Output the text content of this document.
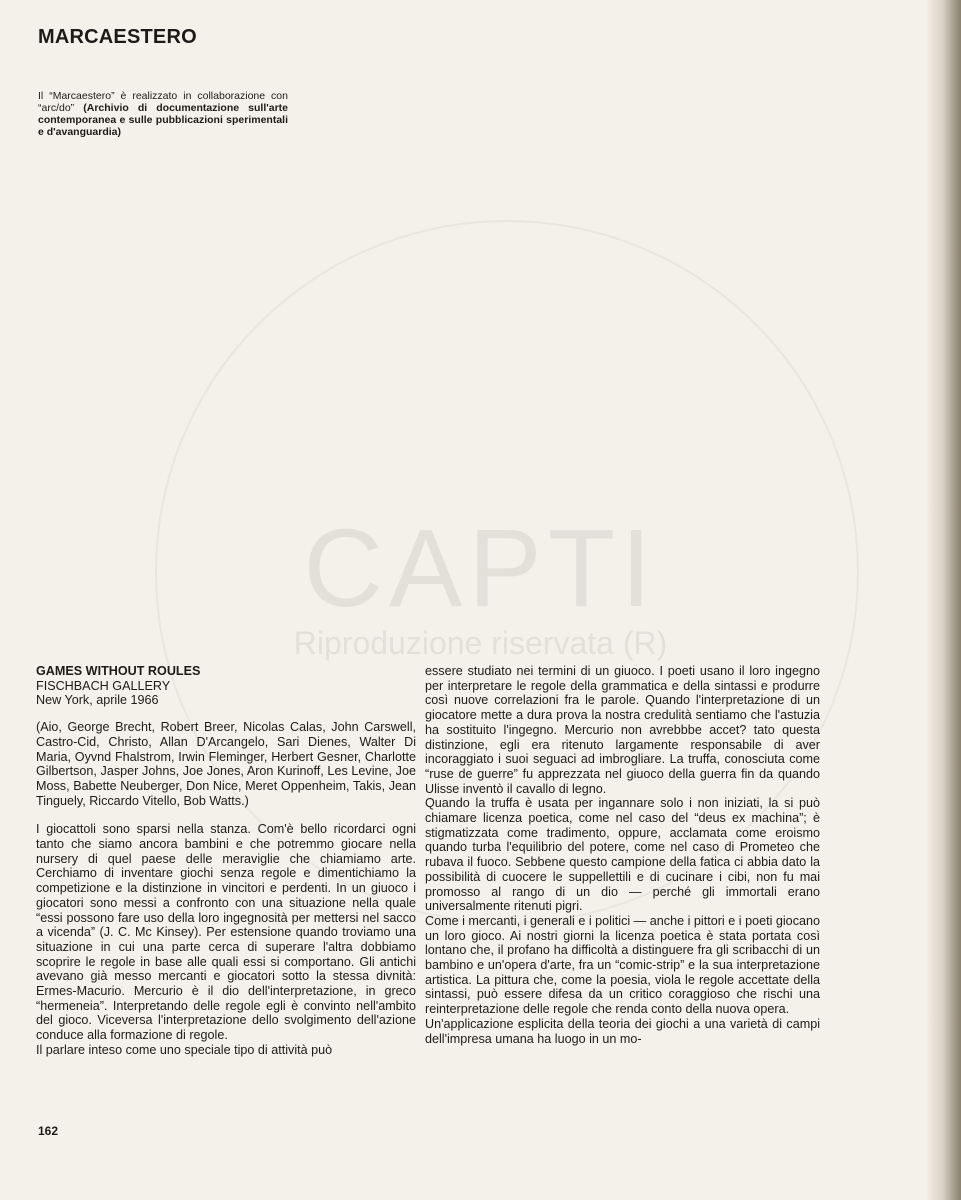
CAPTI
Riproduzione riservata (R)
MARCAESTERO
Il “Marcaestero” è realizzato in collaborazione con “arc/do” (Archivio di documentazione sull'arte contemporanea e sulle pubblicazioni sperimentali e d'avanguardia)

GAMES WITHOUT ROULES

FISCHBACH GALLERY

New York, aprile 1966

(Aio, George Brecht, Robert Breer, Nicolas Calas, John Carswell, Castro-Cid, Christo, Allan D'Arcangelo, Sari Dienes, Walter Di Maria, Oyvnd Fhalstrom, Irwin Fleminger, Herbert Gesner, Charlotte Gilbertson, Jasper Johns, Joe Jones, Aron Kurinoff, Les Levine, Joe Moss, Babette Neuberger, Don Nice, Meret Oppenheim, Takis, Jean Tinguely, Riccardo Vitello, Bob Watts.)

I giocattoli sono sparsi nella stanza. Com'è bello ricordarci ogni tanto che siamo ancora bambini e che potremmo giocare nella nursery di quel paese delle meraviglie che chiamiamo arte. Cerchiamo di inventare giochi senza regole e dimentichiamo la competizione e la distinzione in vincitori e perdenti. In un giuoco i giocatori sono messi a confronto con una situazione nella quale “essi possono fare uso della loro ingegnosità per mettersi nel sacco a vicenda” (J. C. Mc Kinsey). Per estensione quando troviamo una situazione in cui una parte cerca di superare l'altra dobbiamo scoprire le regole in base alle quali essi si comportano. Gli antichi avevano già messo mercanti e giocatori sotto la stessa divnità: Ermes-Macurio. Mercurio è il dio dell'interpretazione, in greco “hermeneia”. Interpretando delle regole egli è convinto nell'ambito del gioco. Viceversa l'interpretazione dello svolgimento dell'azione conduce alla formazione di regole.

Il parlare inteso come uno speciale tipo di attività può

essere studiato nei termini di un giuoco. I poeti usano il loro ingegno per interpretare le regole della grammatica e della sintassi e produrre così nuove correlazioni fra le parole. Quando l'interpretazione di un giocatore mette a dura prova la nostra credulità sentiamo che l'astuzia ha sostituito l'ingegno. Mercurio non avrebbbe accet? tato questa distinzione, egli era ritenuto largamente responsabile di aver incoraggiato i suoi seguaci ad imbrogliare. La truffa, conosciuta come “ruse de guerre” fu apprezzata nel giuoco della guerra fin da quando Ulisse inventò il cavallo di legno.

Quando la truffa è usata per ingannare solo i non iniziati, la si può chiamare licenza poetica, come nel caso del “deus ex machina”; è stigmatizzata come tradimento, oppure, acclamata come eroismo quando turba l'equilibrio del potere, come nel caso di Prometeo che rubava il fuoco. Sebbene questo campione della fatica ci abbia dato la possibilità di cuocere le suppellettili e di cucinare i cibi, non fu mai promosso al rango di un dio — perché gli immortali erano universalmente ritenuti pigri.

Come i mercanti, i generali e i politici — anche i pittori e i poeti giocano un loro gioco. Ai nostri giorni la licenza poetica è stata portata così lontano che, il profano ha difficoltà a distinguere fra gli scribacchi di un bambino e un'opera d'arte, fra un “comic-strip” e la sua interpretazione artistica. La pittura che, come la poesia, viola le regole accettate della sintassi, può essere difesa da un critico coraggioso che rischi una reinterpretazione delle regole che renda conto della nuova opera.

Un'applicazione esplicita della teoria dei giochi a una varietà di campi dell'impresa umana ha luogo in un mo-

162
